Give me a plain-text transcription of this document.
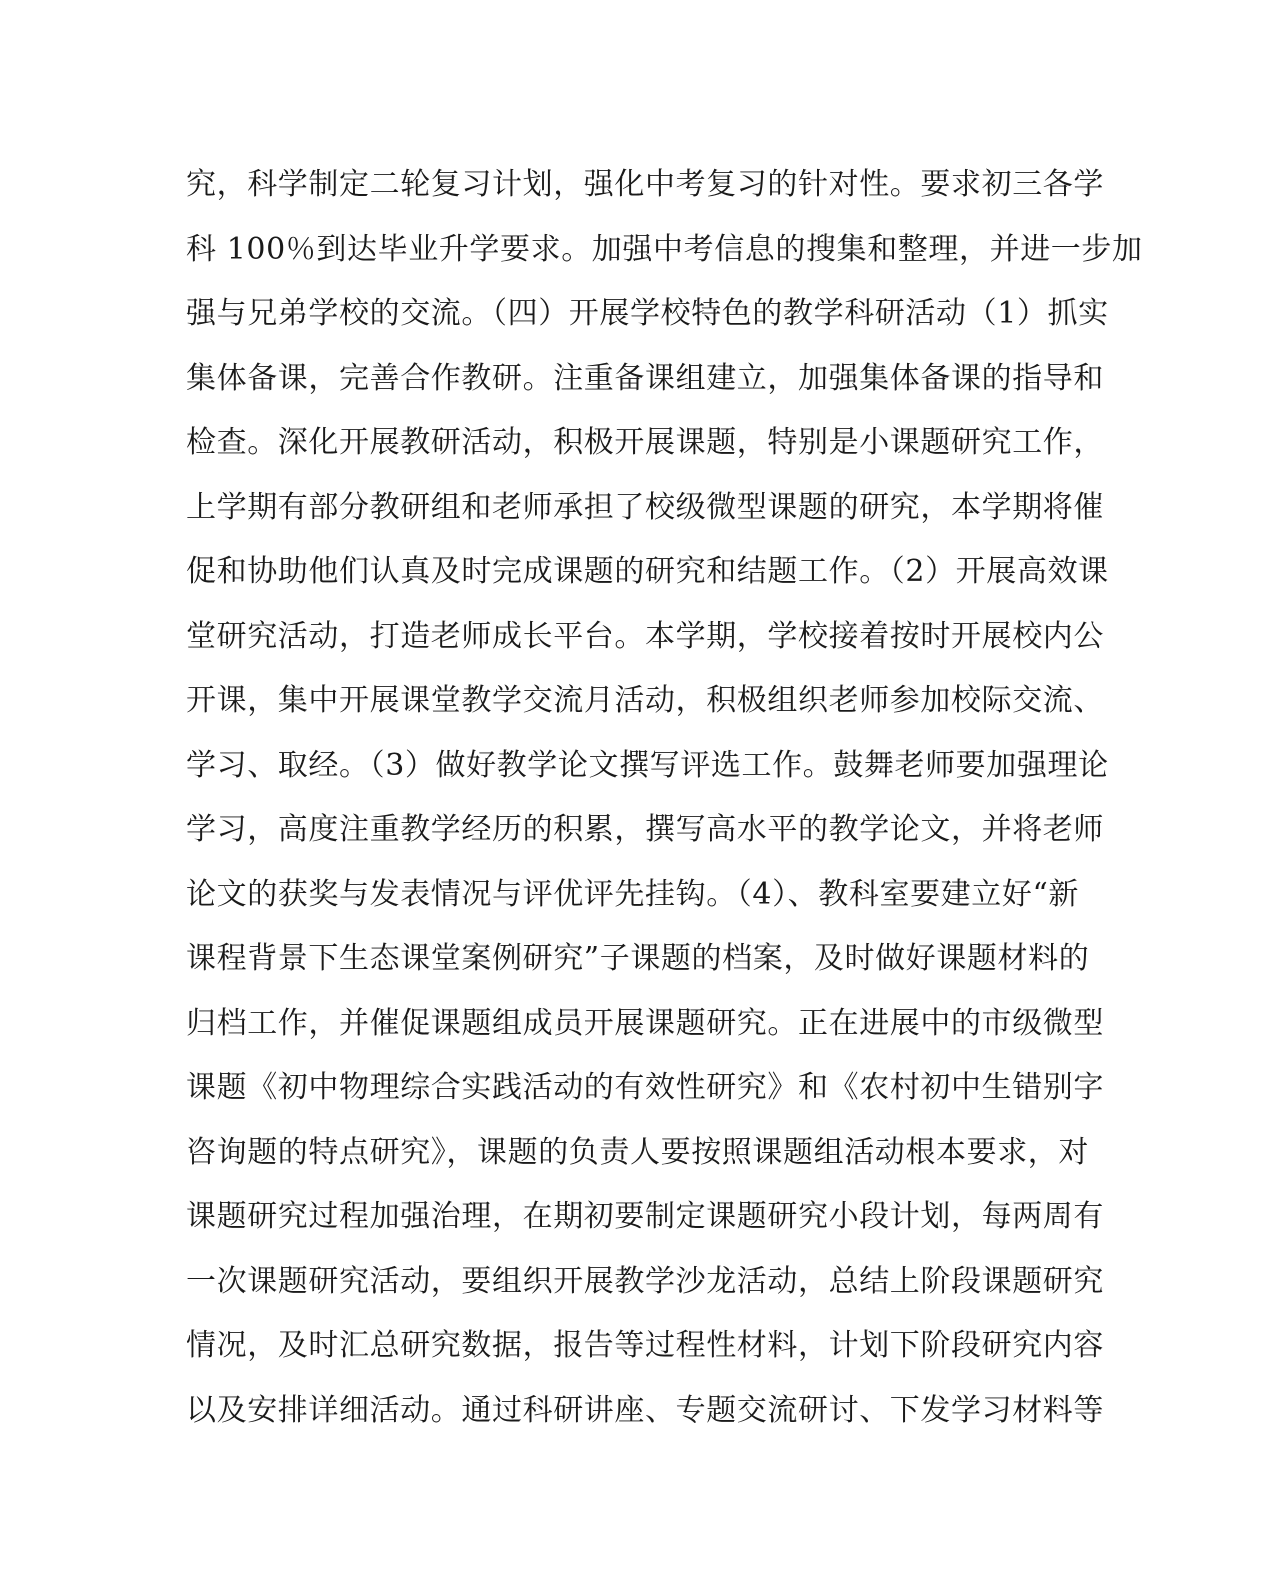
究，科学制定二轮复习计划，强化中考复习的针对性。要求初三各学
科 100％到达毕业升学要求。加强中考信息的搜集和整理，并进一步加
强与兄弟学校的交流。（四）开展学校特色的教学科研活动（1）抓实
集体备课，完善合作教研。注重备课组建立，加强集体备课的指导和
检查。深化开展教研活动，积极开展课题，特别是小课题研究工作，
上学期有部分教研组和老师承担了校级微型课题的研究，本学期将催
促和协助他们认真及时完成课题的研究和结题工作。（2）开展高效课
堂研究活动，打造老师成长平台。本学期，学校接着按时开展校内公
开课，集中开展课堂教学交流月活动，积极组织老师参加校际交流、
学习、取经。（3）做好教学论文撰写评选工作。鼓舞老师要加强理论
学习，高度注重教学经历的积累，撰写高水平的教学论文，并将老师
论文的获奖与发表情况与评优评先挂钩。（4）、教科室要建立好“新
课程背景下生态课堂案例研究”子课题的档案，及时做好课题材料的
归档工作，并催促课题组成员开展课题研究。正在进展中的市级微型
课题《初中物理综合实践活动的有效性研究》和《农村初中生错别字
咨询题的特点研究》，课题的负责人要按照课题组活动根本要求，对
课题研究过程加强治理，在期初要制定课题研究小段计划，每两周有
一次课题研究活动，要组织开展教学沙龙活动，总结上阶段课题研究
情况，及时汇总研究数据，报告等过程性材料，计划下阶段研究内容
以及安排详细活动。通过科研讲座、专题交流研讨、下发学习材料等
